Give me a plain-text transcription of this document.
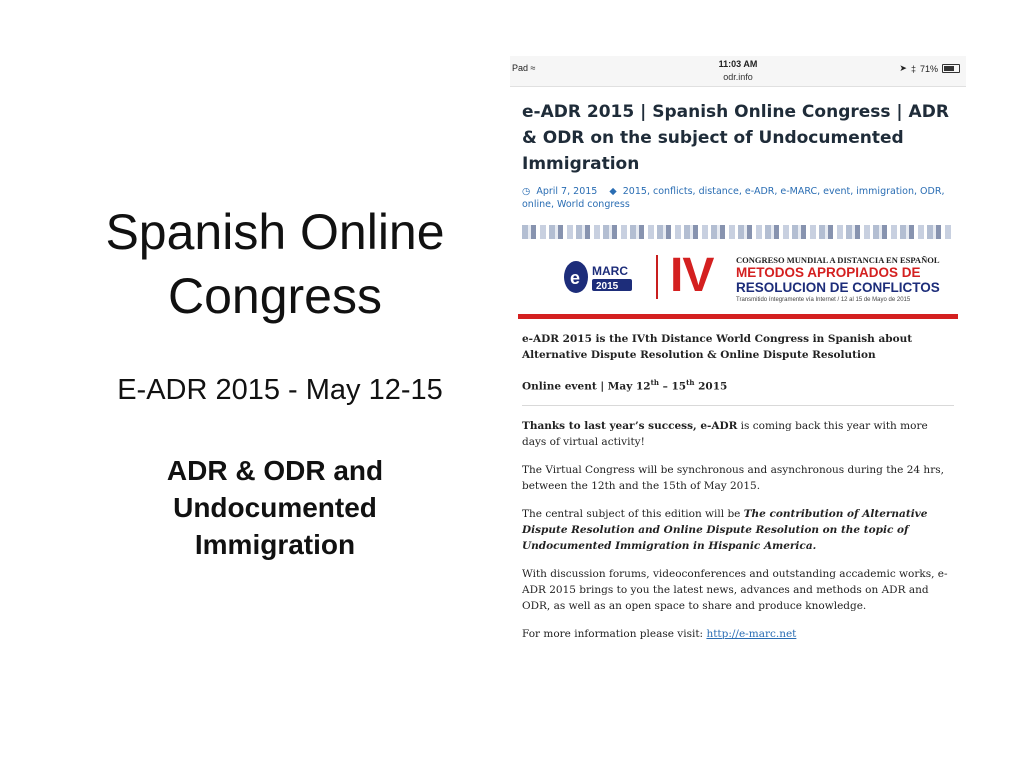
Spanish Online
Congress
E-ADR 2015 - May 12-15
ADR & ODR and
Undocumented
Immigration
Pad ≈	11:03 AM
odr.info
➤ ‡ 71%
e-ADR 2015 | Spanish Online Congress | ADR & ODR on the subject of Undocumented Immigration
◷ April 7, 2015 ◆ 2015, conflicts, distance, e-ADR, e-MARC, event, immigration, ODR, online, World congress
e MARC
2015 IV	CONGRESO MUNDIAL A DISTANCIA EN ESPAÑOL
METODOS APROPIADOS DE
RESOLUCION DE CONFLICTOS
Transmitido íntegramente vía Internet / 12 al 15 de Mayo de 2015
e-ADR 2015 is the IVth Distance World Congress in Spanish about Alternative Dispute Resolution & Online Dispute Resolution
Online event | May 12th – 15th 2015

Thanks to last year’s success, e-ADR is coming back this year with more days of virtual activity!

The Virtual Congress will be synchronous and asynchronous during the 24 hrs, between the 12th and the 15th of May 2015.

The central subject of this edition will be The contribution of Alternative Dispute Resolution and Online Dispute Resolution on the topic of Undocumented Immigration in Hispanic America.

With discussion forums, videoconferences and outstanding accademic works, e-ADR 2015 brings to you the latest news, advances and methods on ADR and ODR, as well as an open space to share and produce knowledge.

For more information please visit: http://e-marc.net
